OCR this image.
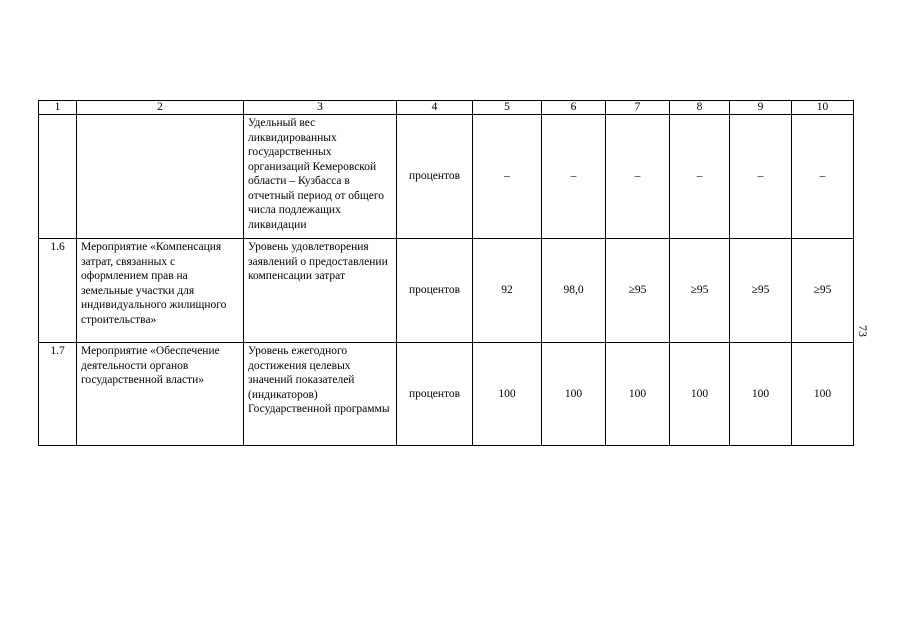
1	2	3	4	5	6	7	8	9	10
		Удельный вес ликвидированных государственных организаций Кемеровской области – Кузбасса в отчетный период от общего числа подлежащих ликвидации	процентов	–	–	–	–	–	–
1.6	Мероприятие «Компенсация затрат, связанных с оформлением прав на земельные участки для индивидуального жилищного строительства»	Уровень удовлетворения заявлений о предоставлении компенсации затрат	процентов	92	98,0	≥95	≥95	≥95	≥95
1.7	Мероприятие «Обеспечение деятельности органов государственной власти»	Уровень ежегодного достижения целевых значений показателей (индикаторов) Государственной программы	процентов	100	100	100	100	100	100
73
